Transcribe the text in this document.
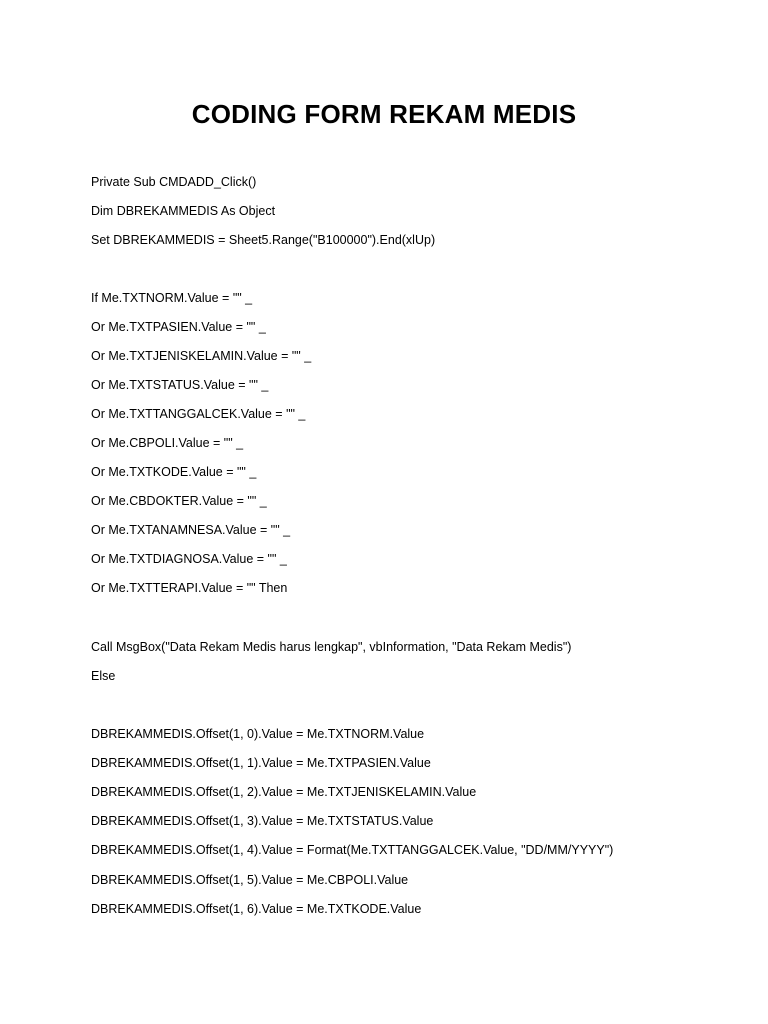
CODING FORM REKAM MEDIS
Private Sub CMDADD_Click()
Dim DBREKAMMEDIS As Object
Set DBREKAMMEDIS = Sheet5.Range("B100000").End(xlUp)
If Me.TXTNORM.Value = "" _
Or Me.TXTPASIEN.Value = "" _
Or Me.TXTJENISKELAMIN.Value = "" _
Or Me.TXTSTATUS.Value = "" _
Or Me.TXTTANGGALCEK.Value = "" _
Or Me.CBPOLI.Value = "" _
Or Me.TXTKODE.Value = "" _
Or Me.CBDOKTER.Value = "" _
Or Me.TXTANAMNESA.Value = "" _
Or Me.TXTDIAGNOSA.Value = "" _
Or Me.TXTTERAPI.Value = "" Then
Call MsgBox("Data Rekam Medis harus lengkap", vbInformation, "Data Rekam Medis")
Else
DBREKAMMEDIS.Offset(1, 0).Value = Me.TXTNORM.Value
DBREKAMMEDIS.Offset(1, 1).Value = Me.TXTPASIEN.Value
DBREKAMMEDIS.Offset(1, 2).Value = Me.TXTJENISKELAMIN.Value
DBREKAMMEDIS.Offset(1, 3).Value = Me.TXTSTATUS.Value
DBREKAMMEDIS.Offset(1, 4).Value = Format(Me.TXTTANGGALCEK.Value, "DD/MM/YYYY")
DBREKAMMEDIS.Offset(1, 5).Value = Me.CBPOLI.Value
DBREKAMMEDIS.Offset(1, 6).Value = Me.TXTKODE.Value
